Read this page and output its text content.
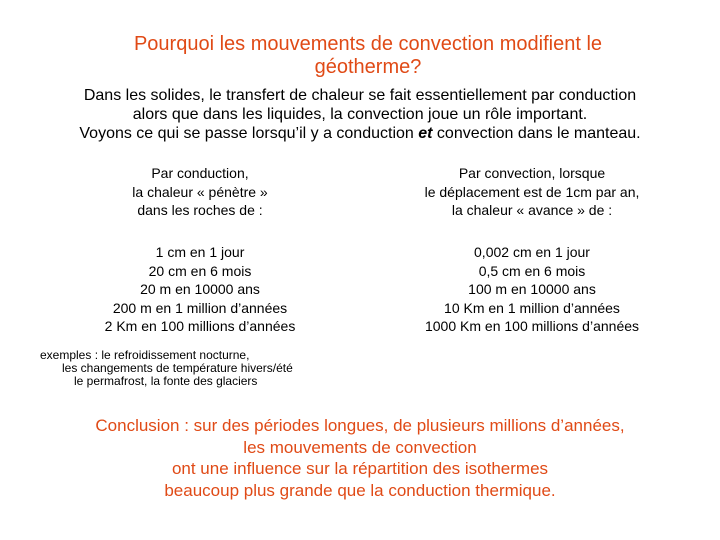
Pourquoi les mouvements de convection modifient le
géotherme?
Dans les solides, le transfert de chaleur se fait essentiellement par conduction
alors que dans les liquides, la convection joue un rôle important.
Voyons ce qui se passe lorsqu’il y a conduction et convection dans le manteau.
Par conduction,
la chaleur « pénètre »
dans les roches de :
Par convection, lorsque
le déplacement est de 1cm par an,
la chaleur « avance » de :
1 cm en 1 jour
20 cm en 6 mois
20 m en 10000 ans
200 m en 1 million d’années
2 Km en 100 millions d’années
0,002 cm en 1 jour
0,5 cm en 6 mois
100 m en 10000 ans
10 Km en 1 million d’années
1000 Km en 100 millions d’années
exemples : le refroidissement nocturne,
les changements de température hivers/été
le permafrost, la fonte des glaciers
Conclusion : sur des périodes longues, de plusieurs millions d’années,
les mouvements de convection
ont une influence sur la répartition des isothermes
beaucoup plus grande que la conduction thermique.
